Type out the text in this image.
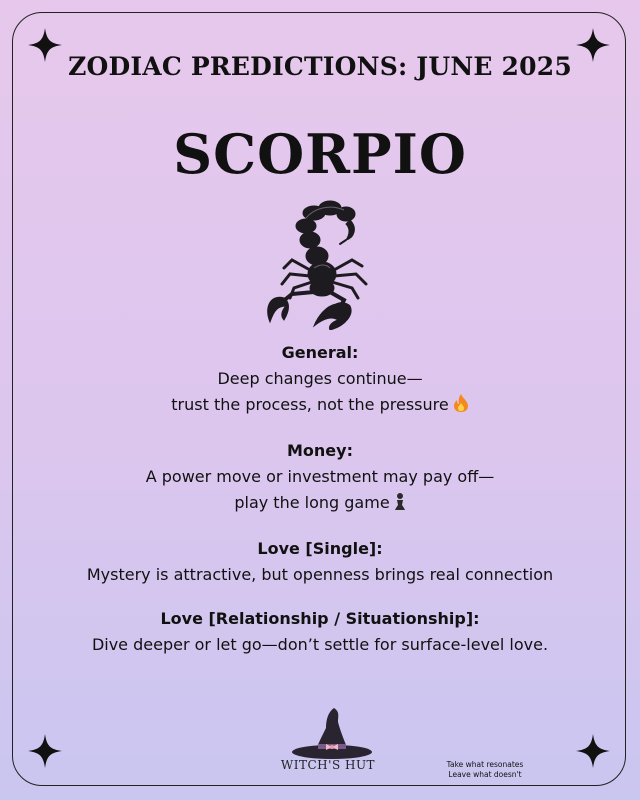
ZODIAC PREDICTIONS: JUNE 2025
SCORPIO
General:
Deep changes continue—
trust the process, not the pressure
Money:
A power move or investment may pay off—
play the long game
Love [Single]:
Mystery is attractive, but openness brings real connection
Love [Relationship / Situationship]:
Dive deeper or let go—don’t settle for surface-level love.
WITCH'S HUT	Take what resonates
Leave what doesn't
